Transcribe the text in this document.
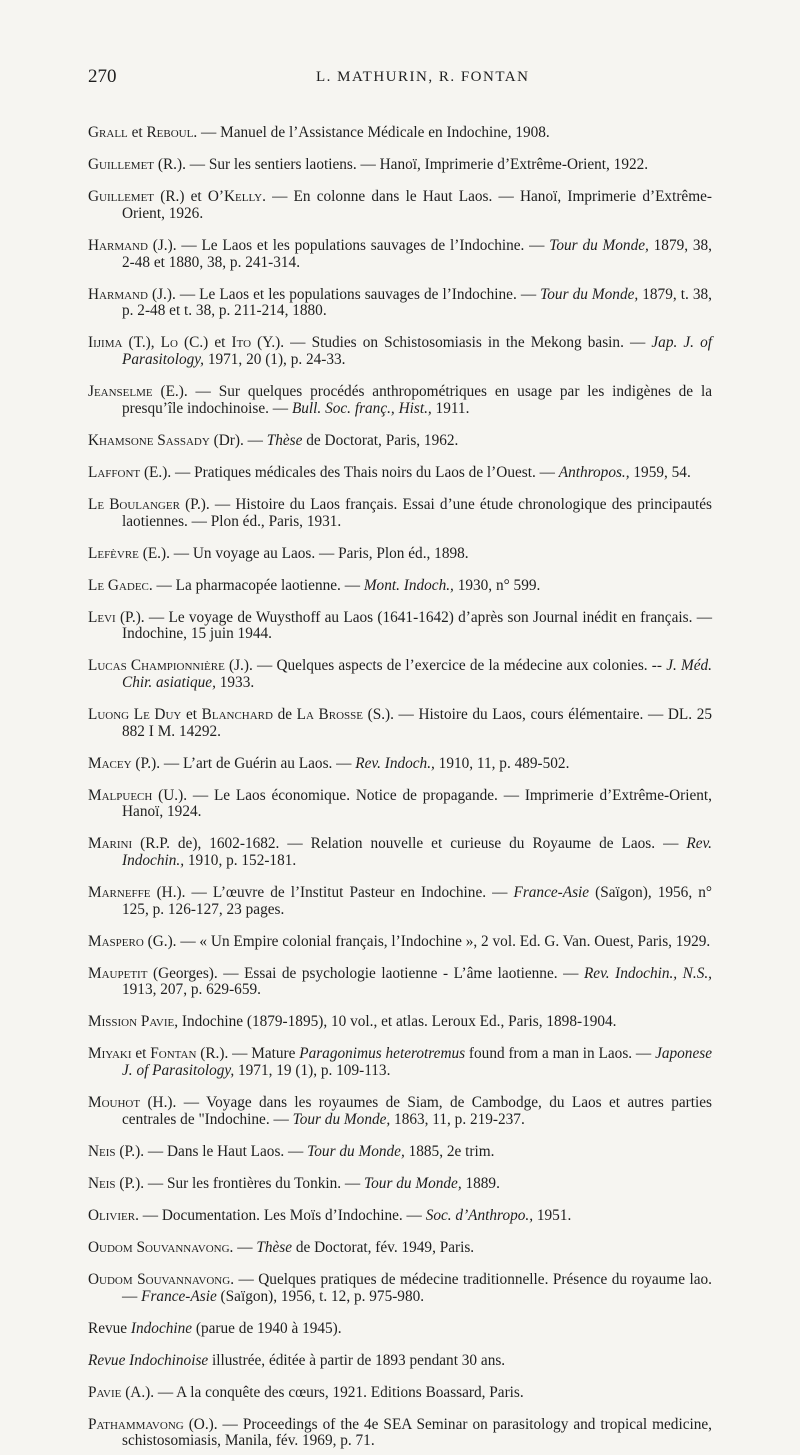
270	L. MATHURIN, R. FONTAN

Grall et Reboul. — Manuel de l’Assistance Médicale en Indochine, 1908.

Guillemet (R.). — Sur les sentiers laotiens. — Hanoï, Imprimerie d’Extrême-Orient, 1922.

Guillemet (R.) et O’Kelly. — En colonne dans le Haut Laos. — Hanoï, Imprimerie d’Extrême-Orient, 1926.

Harmand (J.). — Le Laos et les populations sauvages de l’Indochine. — Tour du Monde, 1879, 38, 2-48 et 1880, 38, p. 241-314.

Harmand (J.). — Le Laos et les populations sauvages de l’Indochine. — Tour du Monde, 1879, t. 38, p. 2-48 et t. 38, p. 211-214, 1880.

Iijima (T.), Lo (C.) et Ito (Y.). — Studies on Schistosomiasis in the Mekong basin. — Jap. J. of Parasitology, 1971, 20 (1), p. 24-33.

Jeanselme (E.). — Sur quelques procédés anthropométriques en usage par les indigènes de la presqu’île indochinoise. — Bull. Soc. franç., Hist., 1911.

Khamsone Sassady (Dr). — Thèse de Doctorat, Paris, 1962.

Laffont (E.). — Pratiques médicales des Thais noirs du Laos de l’Ouest. — Anthropos., 1959, 54.

Le Boulanger (P.). — Histoire du Laos français. Essai d’une étude chronologique des principautés laotiennes. — Plon éd., Paris, 1931.

Lefèvre (E.). — Un voyage au Laos. — Paris, Plon éd., 1898.

Le Gadec. — La pharmacopée laotienne. — Mont. Indoch., 1930, n° 599.

Levi (P.). — Le voyage de Wuysthoff au Laos (1641-1642) d’après son Journal inédit en français. — Indochine, 15 juin 1944.

Lucas Championnière (J.). — Quelques aspects de l’exercice de la médecine aux colonies. -- J. Méd. Chir. asiatique, 1933.

Luong Le Duy et Blanchard de La Brosse (S.). — Histoire du Laos, cours élémentaire. — DL. 25 882 I M. 14292.

Macey (P.). — L’art de Guérin au Laos. — Rev. Indoch., 1910, 11, p. 489-502.

Malpuech (U.). — Le Laos économique. Notice de propagande. — Imprimerie d’Extrême-Orient, Hanoï, 1924.

Marini (R.P. de), 1602-1682. — Relation nouvelle et curieuse du Royaume de Laos. — Rev. Indochin., 1910, p. 152-181.

Marneffe (H.). — L’œuvre de l’Institut Pasteur en Indochine. — France-Asie (Saïgon), 1956, n° 125, p. 126-127, 23 pages.

Maspero (G.). — « Un Empire colonial français, l’Indochine », 2 vol. Ed. G. Van. Ouest, Paris, 1929.

Maupetit (Georges). — Essai de psychologie laotienne - L’âme laotienne. — Rev. Indochin., N.S., 1913, 207, p. 629-659.

Mission Pavie, Indochine (1879-1895), 10 vol., et atlas. Leroux Ed., Paris, 1898-1904.

Miyaki et Fontan (R.). — Mature Paragonimus heterotremus found from a man in Laos. — Japonese J. of Parasitology, 1971, 19 (1), p. 109-113.

Mouhot (H.). — Voyage dans les royaumes de Siam, de Cambodge, du Laos et autres parties centrales de "Indochine. — Tour du Monde, 1863, 11, p. 219-237.

Neis (P.). — Dans le Haut Laos. — Tour du Monde, 1885, 2e trim.

Neis (P.). — Sur les frontières du Tonkin. — Tour du Monde, 1889.

Olivier. — Documentation. Les Moïs d’Indochine. — Soc. d’Anthropo., 1951.

Oudom Souvannavong. — Thèse de Doctorat, fév. 1949, Paris.

Oudom Souvannavong. — Quelques pratiques de médecine traditionnelle. Présence du royaume lao. — France-Asie (Saïgon), 1956, t. 12, p. 975-980.

Revue Indochine (parue de 1940 à 1945).

Revue Indochinoise illustrée, éditée à partir de 1893 pendant 30 ans.

Pavie (A.). — A la conquête des cœurs, 1921. Editions Boassard, Paris.

Pathammavong (O.). — Proceedings of the 4e SEA Seminar on parasitology and tropical medicine, schistosomiasis, Manila, fév. 1969, p. 71.
